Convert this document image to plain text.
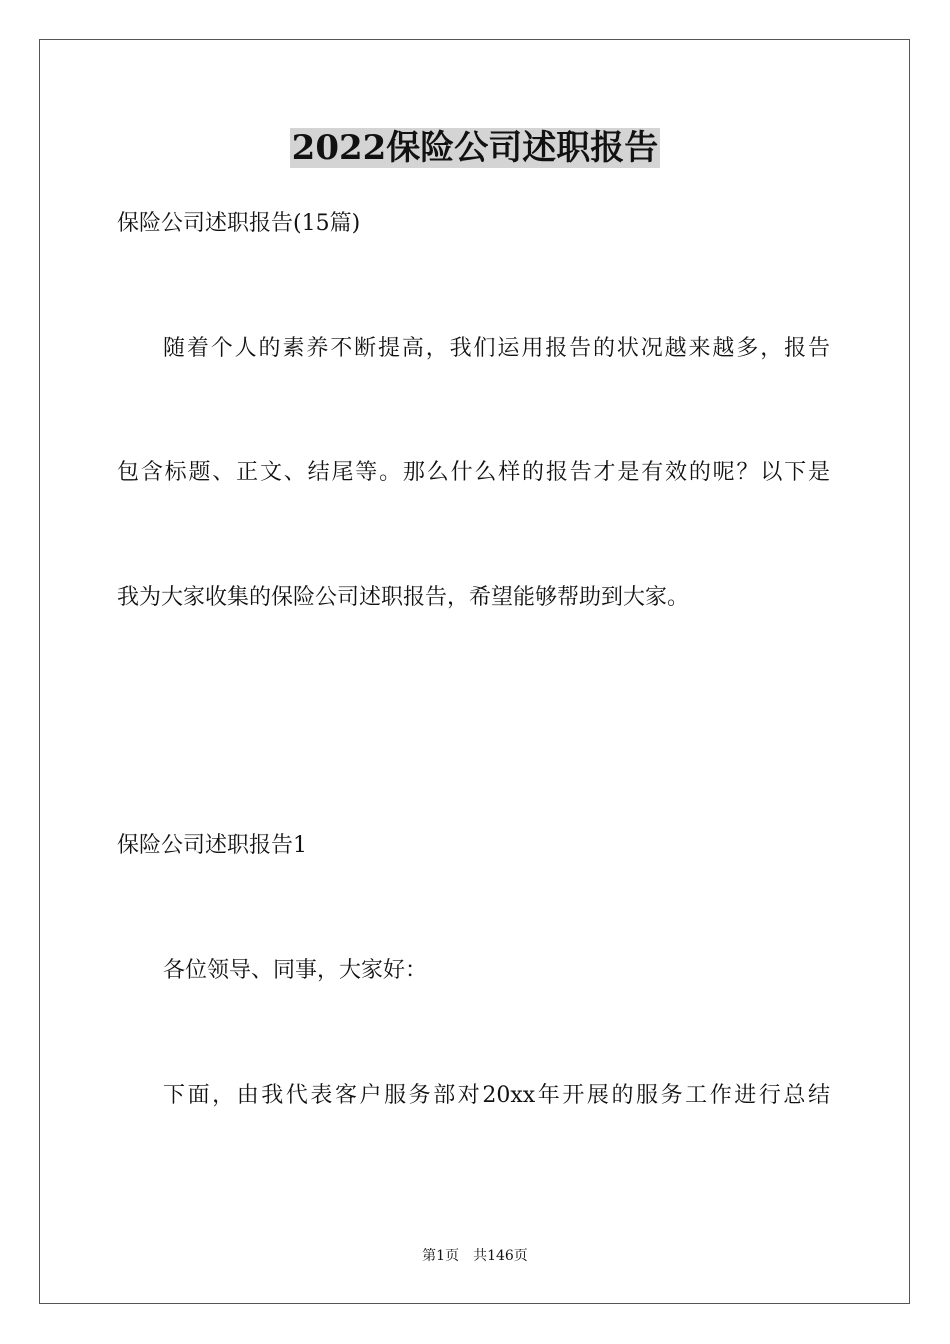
2022保险公司述职报告
保险公司述职报告(15篇)
随着个人的素养不断提高，我们运用报告的状况越来越多，报告
包含标题、正文、结尾等。那么什么样的报告才是有效的呢？以下是
我为大家收集的保险公司述职报告，希望能够帮助到大家。
保险公司述职报告1
各位领导、同事，大家好：
下面，由我代表客户服务部对20xx年开展的服务工作进行总结
第1页　共146页
